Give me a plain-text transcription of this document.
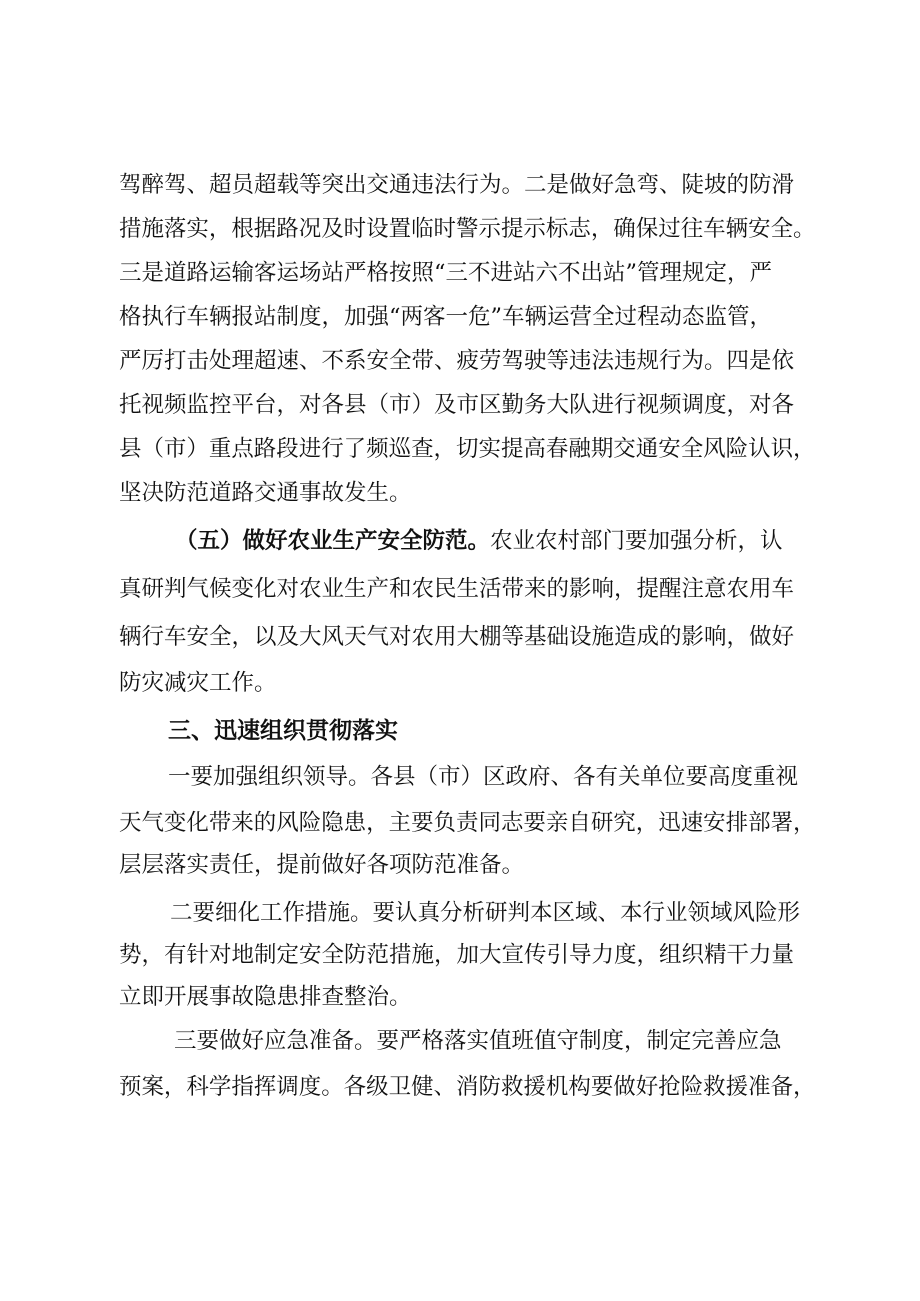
驾醉驾、超员超载等突出交通违法行为。二是做好急弯、陡坡的防滑
措施落实，根据路况及时设置临时警示提示标志，确保过往车辆安全。
三是道路运输客运场站严格按照“三不进站六不出站”管理规定，严
格执行车辆报站制度，加强“两客一危”车辆运营全过程动态监管，
严厉打击处理超速、不系安全带、疲劳驾驶等违法违规行为。四是依
托视频监控平台，对各县（市）及市区勤务大队进行视频调度，对各
县（市）重点路段进行了频巡查，切实提高春融期交通安全风险认识，
坚决防范道路交通事故发生。
（五）做好农业生产安全防范。农业农村部门要加强分析，认
真研判气候变化对农业生产和农民生活带来的影响，提醒注意农用车
辆行车安全，以及大风天气对农用大棚等基础设施造成的影响，做好
防灾减灾工作。
三、迅速组织贯彻落实
一要加强组织领导。各县（市）区政府、各有关单位要高度重视
天气变化带来的风险隐患，主要负责同志要亲自研究，迅速安排部署，
层层落实责任，提前做好各项防范准备。
二要细化工作措施。要认真分析研判本区域、本行业领域风险形
势，有针对地制定安全防范措施，加大宣传引导力度，组织精干力量
立即开展事故隐患排查整治。
三要做好应急准备。要严格落实值班值守制度，制定完善应急
预案，科学指挥调度。各级卫健、消防救援机构要做好抢险救援准备，
